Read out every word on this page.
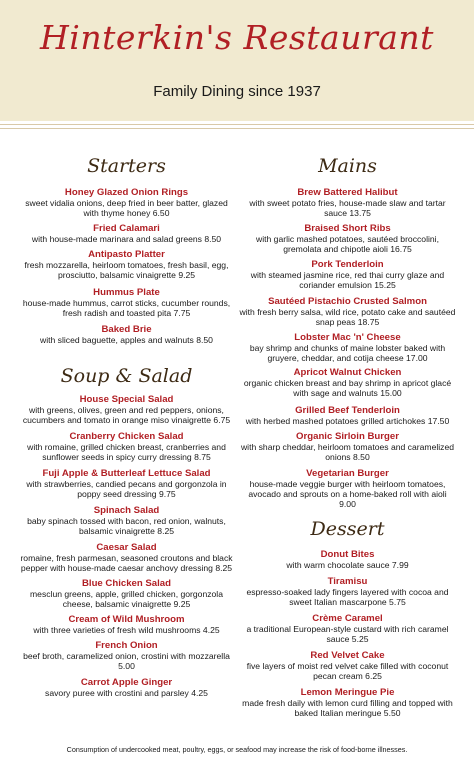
Hinterkin's Restaurant
Family Dining since 1937
Starters
Honey Glazed Onion Rings
sweet vidalia onions, deep fried in beer batter, glazed with thyme honey 6.50
Fried Calamari
with house-made marinara and salad greens 8.50
Antipasto Platter
fresh mozzarella, heirloom tomatoes, fresh basil, egg, prosciutto, balsamic vinaigrette 9.25
Hummus Plate
house-made hummus, carrot sticks, cucumber rounds, fresh radish and toasted pita 7.75
Baked Brie
with sliced baguette, apples and walnuts 8.50
Soup & Salad
House Special Salad
with greens, olives, green and red peppers, onions, cucumbers and tomato in orange miso vinaigrette 6.75
Cranberry Chicken Salad
with romaine, grilled chicken breast, cranberries and sunflower seeds in spicy curry dressing 8.75
Fuji Apple & Butterleaf Lettuce Salad
with strawberries, candied pecans and gorgonzola in poppy seed dressing 9.75
Spinach Salad
baby spinach tossed with bacon, red onion, walnuts, balsamic vinaigrette 8.25
Caesar Salad
romaine, fresh parmesan, seasoned croutons and black pepper with house-made caesar anchovy dressing 8.25
Blue Chicken Salad
mesclun greens, apple, grilled chicken, gorgonzola cheese, balsamic vinaigrette 9.25
Cream of Wild Mushroom
with three varieties of fresh wild mushrooms 4.25
French Onion
beef broth, caramelized onion, crostini with mozzarella 5.00
Carrot Apple Ginger
savory puree with crostini and parsley 4.25
Mains
Brew Battered Halibut
with sweet potato fries, house-made slaw and tartar sauce 13.75
Braised Short Ribs
with garlic mashed potatoes, sautéed broccolini, gremolata and chipotle aioli 16.75
Pork Tenderloin
with steamed jasmine rice, red thai curry glaze and coriander emulsion 15.25
Sautéed Pistachio Crusted Salmon
with fresh berry salsa, wild rice, potato cake and sautéed snap peas 18.75
Lobster Mac 'n' Cheese
bay shrimp and chunks of maine lobster baked with gruyere, cheddar, and cotija cheese 17.00
Apricot Walnut Chicken
organic chicken breast and bay shrimp in apricot glacé with sage and walnuts 15.00
Grilled Beef Tenderloin
with herbed mashed potatoes grilled artichokes 17.50
Organic Sirloin Burger
with sharp cheddar, heirloom tomatoes and caramelized onions 8.50
Vegetarian Burger
house-made veggie burger with heirloom tomatoes, avocado and sprouts on a home-baked roll with aioli 9.00
Dessert
Donut Bites
with warm chocolate sauce 7.99
Tiramisu
espresso-soaked lady fingers layered with cocoa and sweet Italian mascarpone 5.75
Crème Caramel
a traditional European-style custard with rich caramel sauce 5.25
Red Velvet Cake
five layers of moist red velvet cake filled with coconut pecan cream 6.25
Lemon Meringue Pie
made fresh daily with lemon curd filling and topped with baked Italian meringue 5.50
Consumption of undercooked meat, poultry, eggs, or seafood may increase the risk of food-borne illnesses.
